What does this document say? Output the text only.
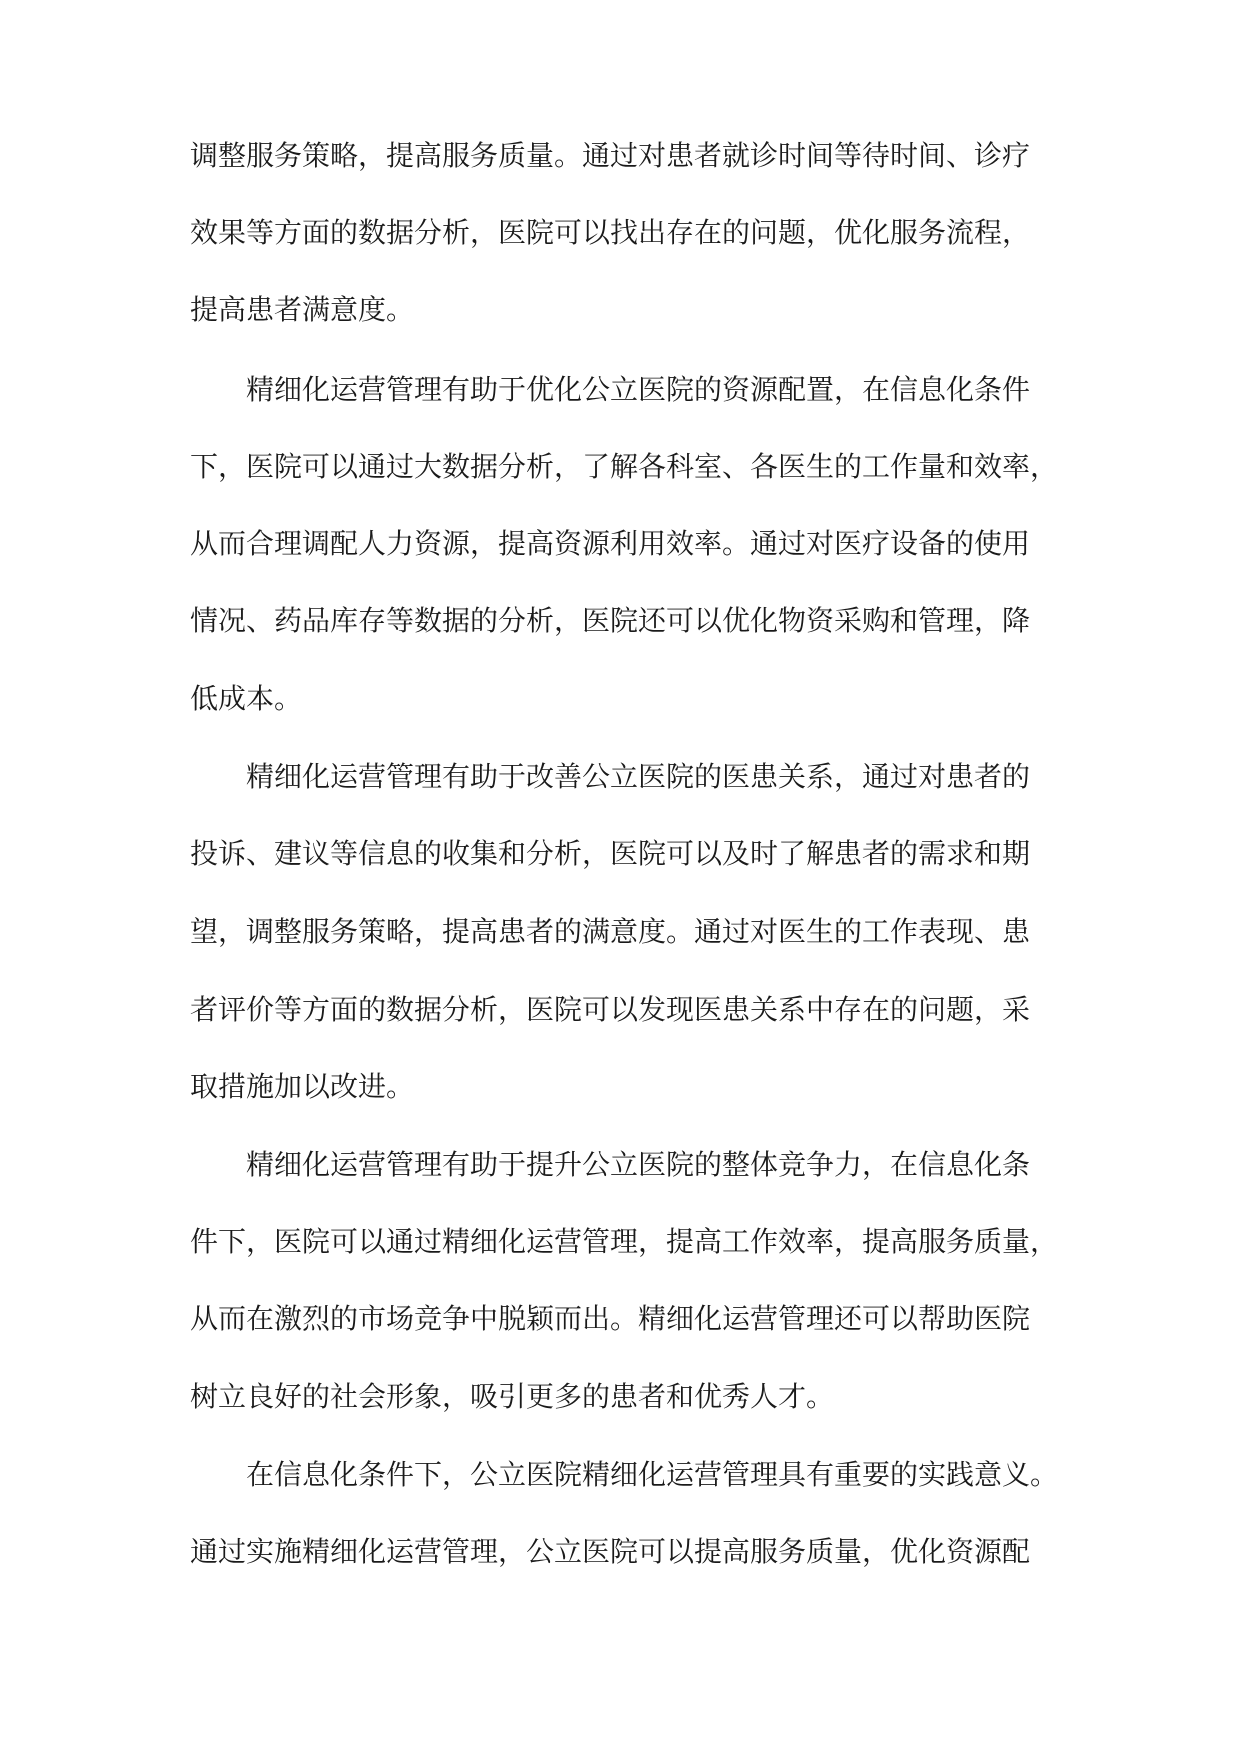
调整服务策略，提高服务质量。通过对患者就诊时间等待时间、诊疗
效果等方面的数据分析，医院可以找出存在的问题，优化服务流程，
提高患者满意度。
精细化运营管理有助于优化公立医院的资源配置，在信息化条件
下，医院可以通过大数据分析，了解各科室、各医生的工作量和效率，
从而合理调配人力资源，提高资源利用效率。通过对医疗设备的使用
情况、药品库存等数据的分析，医院还可以优化物资采购和管理，降
低成本。
精细化运营管理有助于改善公立医院的医患关系，通过对患者的
投诉、建议等信息的收集和分析，医院可以及时了解患者的需求和期
望，调整服务策略，提高患者的满意度。通过对医生的工作表现、患
者评价等方面的数据分析，医院可以发现医患关系中存在的问题，采
取措施加以改进。
精细化运营管理有助于提升公立医院的整体竞争力，在信息化条
件下，医院可以通过精细化运营管理，提高工作效率，提高服务质量，
从而在激烈的市场竞争中脱颖而出。精细化运营管理还可以帮助医院
树立良好的社会形象，吸引更多的患者和优秀人才。
在信息化条件下，公立医院精细化运营管理具有重要的实践意义。
通过实施精细化运营管理，公立医院可以提高服务质量，优化资源配
